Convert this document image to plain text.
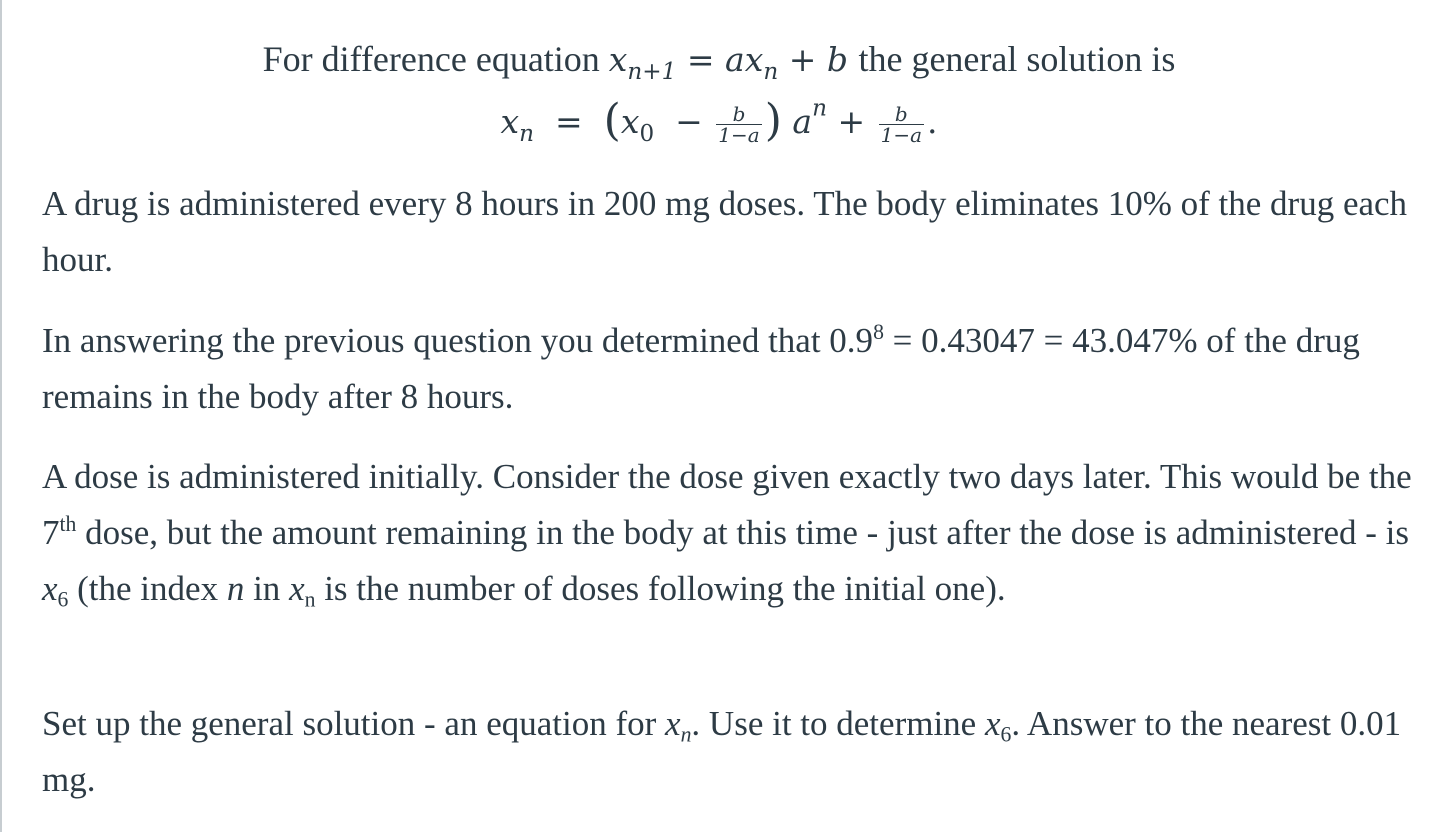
For difference equation $x_{n+1} = ax_n + b$ the general solution is
$x_n = (x_0 - \frac{b}{1-a}$ ) $a^n + \frac{b}{1-a}$ .

A drug is administered every 8 hours in 200 mg doses. The body eliminates 10% of the drug each hour.

In answering the previous question you determined that $0.9^8 = 0.43047 = 43.047\%$ of the drug remains in the body after 8 hours.

A dose is administered initially. Consider the dose given exactly two days later. This would be the 7th dose, but the amount remaining in the body at this time - just after the dose is administered - is $x_6$ (the index n in $x_n$ is the number of doses following the initial one).

Set up the general solution - an equation for $x_n$. Use it to determine $x_6$. Answer to the nearest 0.01 mg.
